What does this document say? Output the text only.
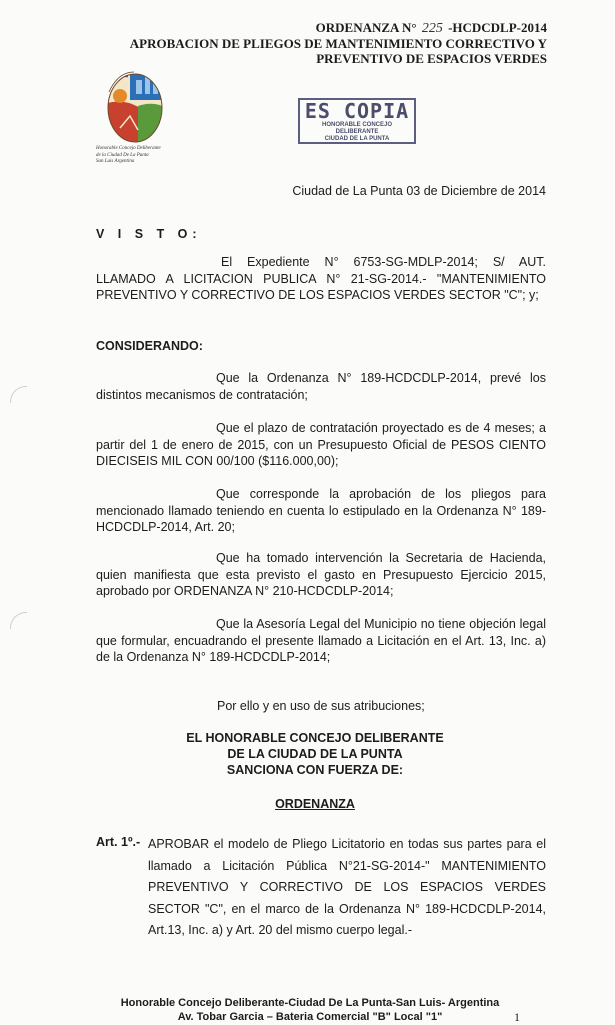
ORDENANZA N° 225 -HCDCDLP-2014
APROBACION DE PLIEGOS DE MANTENIMIENTO CORRECTIVO Y
PREVENTIVO DE ESPACIOS VERDES
Honorable Concejo Deliberante
de la Ciudad De La Punta
San Luis Argentina
ES COPIA
HONORABLE CONCEJO DELIBERANTE
CIUDAD DE LA PUNTA
Ciudad de La Punta 03 de Diciembre de 2014
V I S T O:
El Expediente N° 6753-SG-MDLP-2014; S/ AUT. LLAMADO A LICITACION PUBLICA N° 21-SG-2014.- "MANTENIMIENTO PREVENTIVO Y CORRECTIVO DE LOS ESPACIOS VERDES SECTOR "C"; y;
CONSIDERANDO:
Que la Ordenanza N° 189-HCDCDLP-2014, prevé los distintos mecanismos de contratación;
Que el plazo de contratación proyectado es de 4 meses; a partir del 1 de enero de 2015, con un Presupuesto Oficial de PESOS CIENTO DIECISEIS MIL CON 00/100 ($116.000,00);
Que corresponde la aprobación de los pliegos para mencionado llamado teniendo en cuenta lo estipulado en la Ordenanza N° 189-HCDCDLP-2014, Art. 20;
Que ha tomado intervención la Secretaria de Hacienda, quien manifiesta que esta previsto el gasto en Presupuesto Ejercicio 2015, aprobado por ORDENANZA N° 210-HCDCDLP-2014;
Que la Asesoría Legal del Municipio no tiene objeción legal que formular, encuadrando el presente llamado a Licitación en el Art. 13, Inc. a) de la Ordenanza N° 189-HCDCDLP-2014;
Por ello y en uso de sus atribuciones;
EL HONORABLE CONCEJO DELIBERANTE
DE LA CIUDAD DE LA PUNTA
SANCIONA CON FUERZA DE:
ORDENANZA
Art. 1º.- APROBAR el modelo de Pliego Licitatorio en todas sus partes para el llamado a Licitación Pública N°21-SG-2014-" MANTENIMIENTO PREVENTIVO Y CORRECTIVO DE LOS ESPACIOS VERDES SECTOR "C", en el marco de la Ordenanza N° 189-HCDCDLP-2014, Art.13, Inc. a) y Art. 20 del mismo cuerpo legal.-
Honorable Concejo Deliberante-Ciudad De La Punta-San Luis- Argentina
Av. Tobar Garcia – Bateria Comercial "B" Local "1"	1
